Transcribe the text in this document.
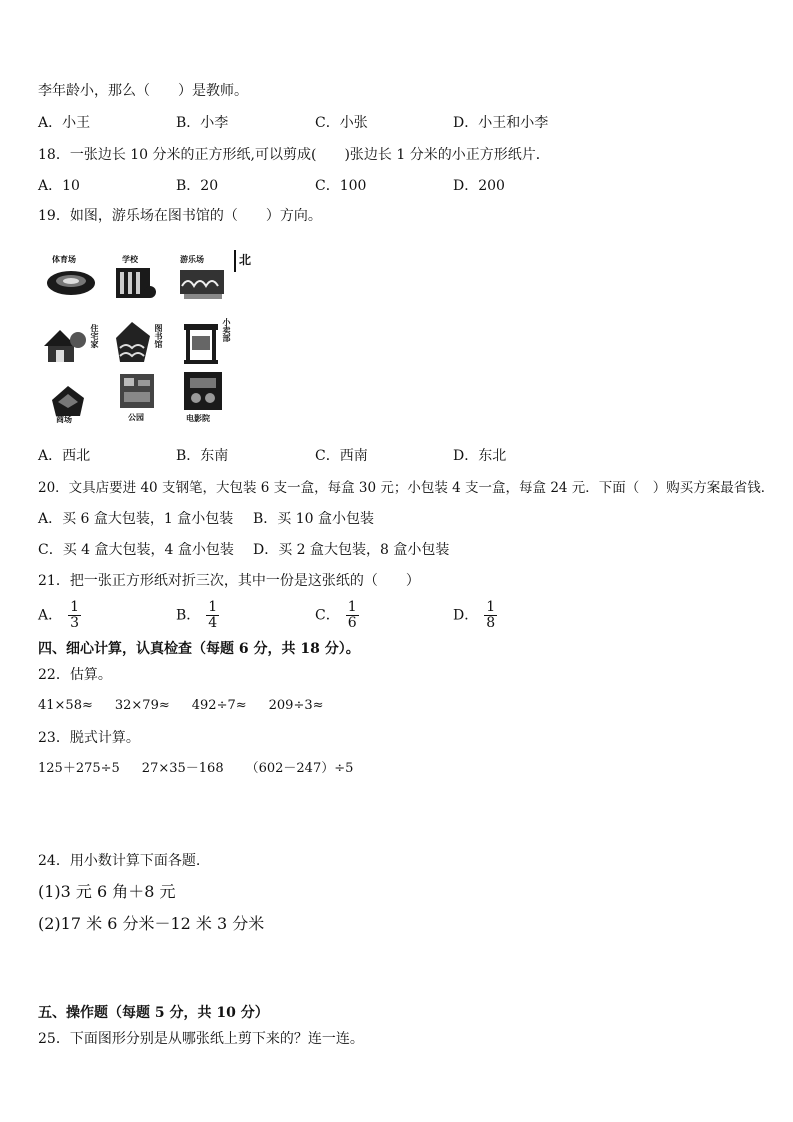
李年龄小，那么（　　）是教师。
A．小王	B．小李	C．小张	D．小王和小李
18．一张边长 10 分米的正方形纸,可以剪成(　　)张边长 1 分米的小正方形纸片．
A．10	B．20	C．100	D．200
19．如图，游乐场在图书馆的（　　）方向。
体育场	学校	游乐场	北
住宅家	图书馆	小卖部
商场	公园	电影院
A．西北	B．东南	C．西南	D．东北
20．文具店要进 40 支钢笔，大包装 6 支一盒，每盒 30 元；小包装 4 支一盒，每盒 24 元．下面（　）购买方案最省钱．
A．买 6 盒大包装，1 盒小包装 B．买 10 盒小包装
C．买 4 盒大包装，4 盒小包装 D．买 2 盒大包装，8 盒小包装
21．把一张正方形纸对折三次，其中一份是这张纸的（　　）
A． $\frac{1}{3}$	B． $\frac{1}{4}$	C． $\frac{1}{6}$	D． $\frac{1}{8}$
四、细心计算，认真检查（每题 6 分，共 18 分）。
22．估算。
41×58≈ 32×79≈ 492÷7≈ 209÷3≈
23．脱式计算。
125＋275÷5 27×35－168 （602－247）÷5
24．用小数计算下面各题.
(1)3 元 6 角＋8 元
(2)17 米 6 分米－12 米 3 分米
五、操作题（每题 5 分，共 10 分）
25．下面图形分别是从哪张纸上剪下来的？连一连。
